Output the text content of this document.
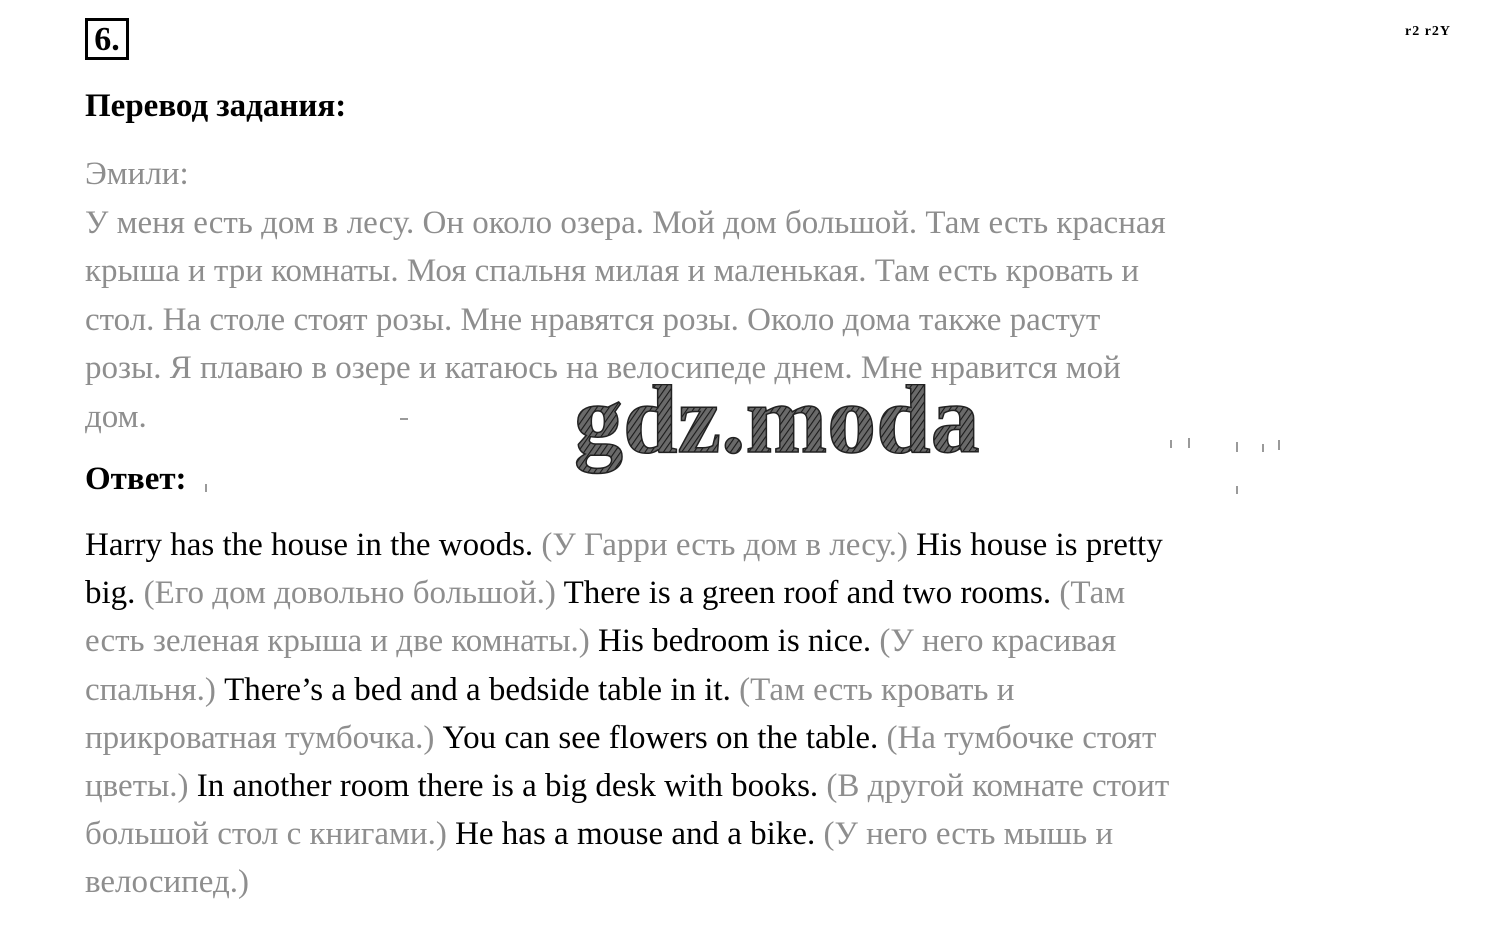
6.	r2 r2Y
Перевод задания:
Эмили:
У меня есть дом в лесу. Он около озера. Мой дом большой. Там есть красная
крыша и три комнаты. Моя спальня милая и маленькая. Там есть кровать и
стол. На столе стоят розы. Мне нравятся розы. Около дома также растут
розы. Я плаваю в озере и катаюсь на велосипеде днем. Мне нравится мой
дом.
Ответ:
Harry has the house in the woods. (У Гарри есть дом в лесу.) His house is pretty
big. (Его дом довольно большой.) There is a green roof and two rooms. (Там
есть зеленая крыша и две комнаты.) His bedroom is nice. (У него красивая
спальня.) There’s a bed and a bedside table in it. (Там есть кровать и
прикроватная тумбочка.) You can see flowers on the table. (На тумбочке стоят
цветы.) In another room there is a big desk with books. (В другой комнате стоит
большой стол с книгами.) He has a mouse and a bike. (У него есть мышь и
велосипед.)
gdz.moda
